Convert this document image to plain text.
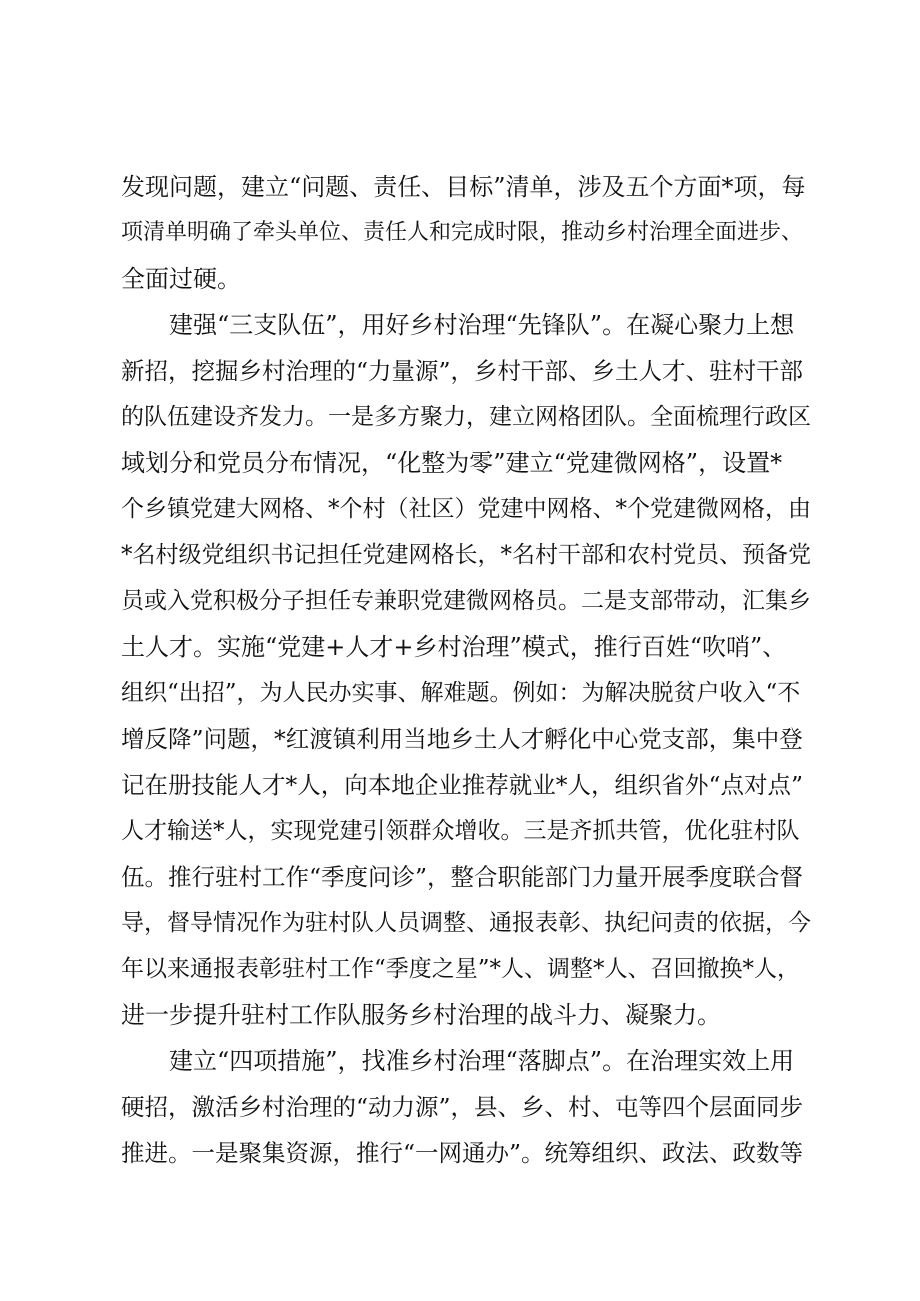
发现问题，建立“问题、责任、目标”清单，涉及五个方面*项，每
项清单明确了牵头单位、责任人和完成时限，推动乡村治理全面进步、
全面过硬。
建强“三支队伍”，用好乡村治理“先锋队”。在凝心聚力上想
新招，挖掘乡村治理的“力量源”，乡村干部、乡土人才、驻村干部
的队伍建设齐发力。一是多方聚力，建立网格团队。全面梳理行政区
域划分和党员分布情况，“化整为零”建立“党建微网格”，设置*
个乡镇党建大网格、*个村（社区）党建中网格、*个党建微网格，由
*名村级党组织书记担任党建网格长，*名村干部和农村党员、预备党
员或入党积极分子担任专兼职党建微网格员。二是支部带动，汇集乡
土人才。实施“党建+人才+乡村治理”模式，推行百姓“吹哨”、
组织“出招”，为人民办实事、解难题。例如：为解决脱贫户收入“不
增反降”问题，*红渡镇利用当地乡土人才孵化中心党支部，集中登
记在册技能人才*人，向本地企业推荐就业*人，组织省外“点对点”
人才输送*人，实现党建引领群众增收。三是齐抓共管，优化驻村队
伍。推行驻村工作“季度问诊”，整合职能部门力量开展季度联合督
导，督导情况作为驻村队人员调整、通报表彰、执纪问责的依据，今
年以来通报表彰驻村工作“季度之星”*人、调整*人、召回撤换*人，
进一步提升驻村工作队服务乡村治理的战斗力、凝聚力。
建立“四项措施”，找准乡村治理“落脚点”。在治理实效上用
硬招，激活乡村治理的“动力源”，县、乡、村、屯等四个层面同步
推进。一是聚集资源，推行“一网通办”。统筹组织、政法、政数等
